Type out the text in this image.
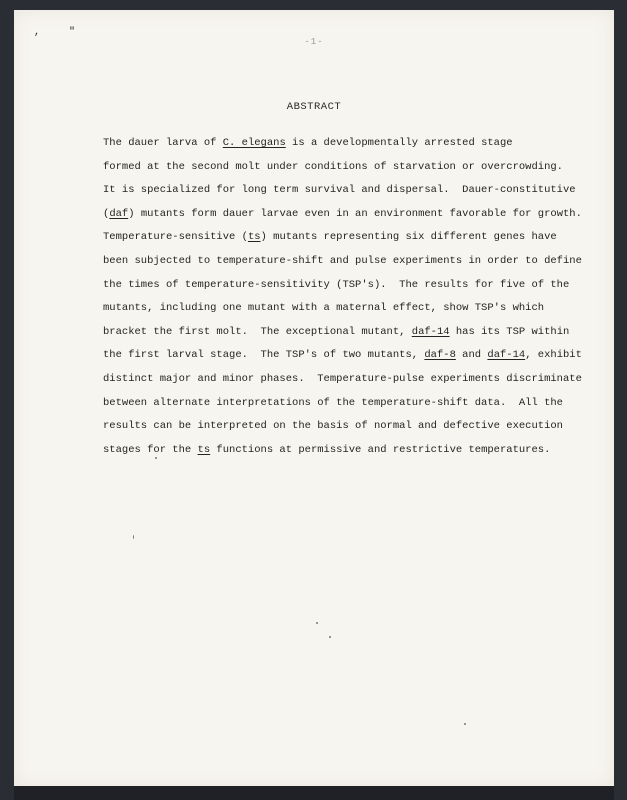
,	"
-1-
ABSTRACT
The dauer larva of C. elegans is a developmentally arrested stage
formed at the second molt under conditions of starvation or overcrowding.
It is specialized for long term survival and dispersal.  Dauer-constitutive
(daf) mutants form dauer larvae even in an environment favorable for growth.
Temperature-sensitive (ts) mutants representing six different genes have
been subjected to temperature-shift and pulse experiments in order to define
the times of temperature-sensitivity (TSP's).  The results for five of the
mutants, including one mutant with a maternal effect, show TSP's which
bracket the first molt.  The exceptional mutant, daf-14 has its TSP within
the first larval stage.  The TSP's of two mutants, daf-8 and daf-14, exhibit
distinct major and minor phases.  Temperature-pulse experiments discriminate
between alternate interpretations of the temperature-shift data.  All the
results can be interpreted on the basis of normal and defective execution
stages for the ts functions at permissive and restrictive temperatures.
